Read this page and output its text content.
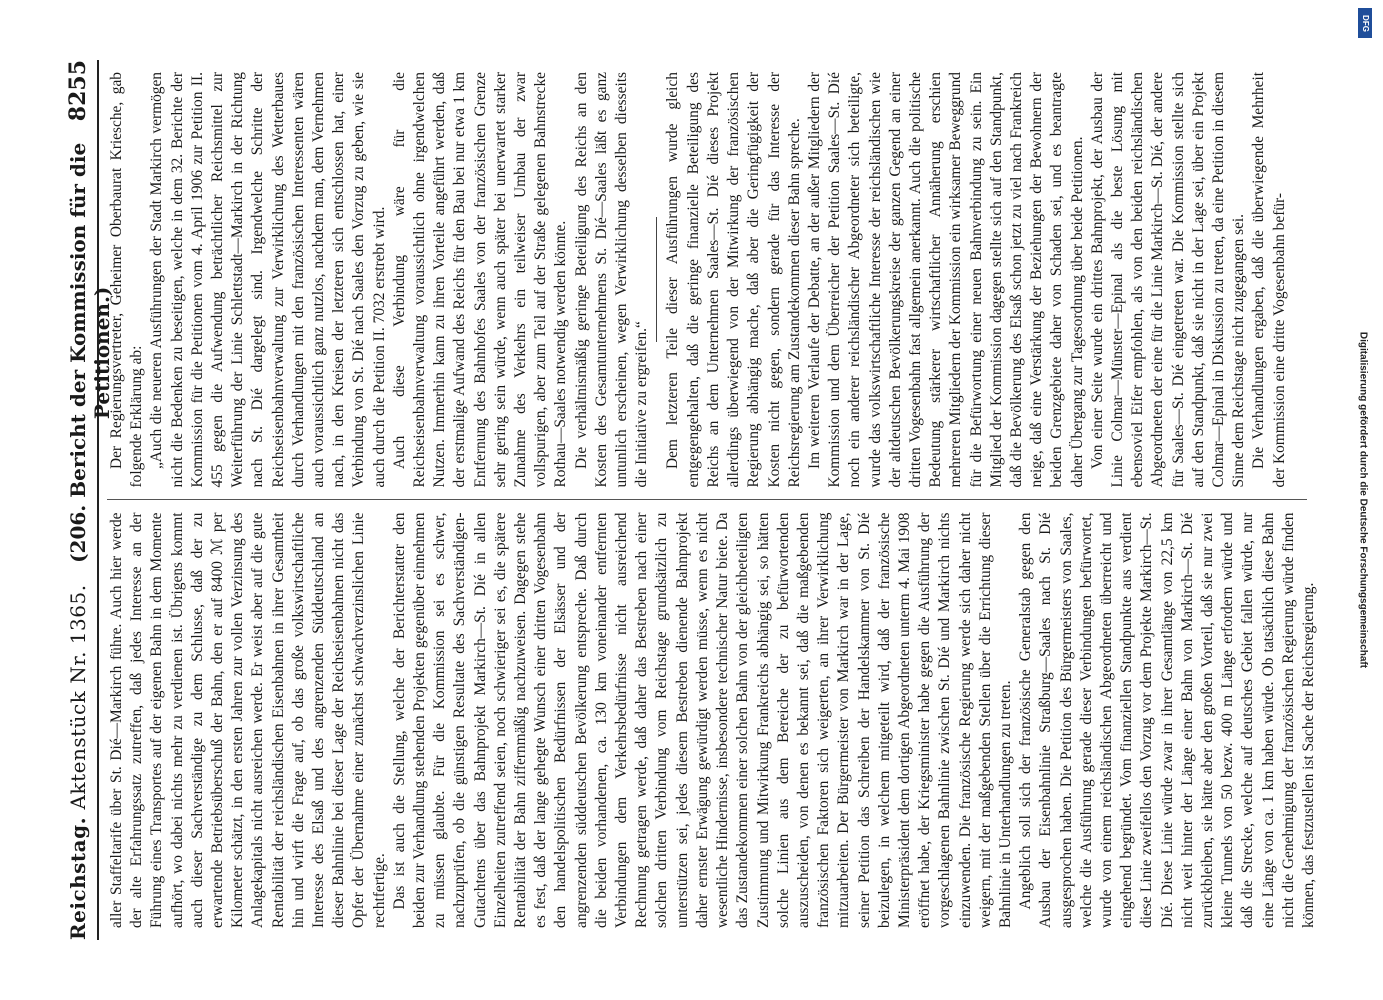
Reichstag. Aktenstück Nr. 1365.
(206. Bericht der Kommission für die Petitionen.)
8255

aller Staffeltarife über St. Dié—Markirch führe. Auch hier werde der alte Erfahrungssatz zutreffen, daß jedes Interesse an der Führung eines Transportes auf der eigenen Bahn in dem Momente aufhört, wo dabei nichts mehr zu verdienen ist. Übrigens kommt auch dieser Sachverständige zu dem Schlusse, daß der zu erwartende Betriebsüberschuß der Bahn, den er auf 8400 ℳ per Kilometer schätzt, in den ersten Jahren zur vollen Verzinsung des Anlagekapitals nicht ausreichen werde. Er weist aber auf die gute Rentabilität der reichsländischen Eisenbahnen in ihrer Gesamtheit hin und wirft die Frage auf, ob das große volkswirtschaftliche Interesse des Elsaß und des angrenzenden Süddeutschland an dieser Bahnlinie bei dieser Lage der Reichseisenbahnen nicht das Opfer der Übernahme einer zunächst schwachverzinslichen Linie rechtfertige. Das ist auch die Stellung, welche der Berichterstatter den beiden zur Verhandlung stehenden Projekten gegenüber einnehmen zu müssen glaubte. Für die Kommission sei es schwer, nachzuprüfen, ob die günstigen Resultate des Sachverständigen-Gutachtens über das Bahnprojekt Markirch—St. Dié in allen Einzelheiten zutreffend seien, noch schwieriger sei es, die spätere Rentabilität der Bahn ziffernmäßig nachzuweisen. Dagegen stehe es fest, daß der lange gehegte Wunsch einer dritten Vogesenbahn den handelspolitischen Bedürfnissen der Elsässer und der angrenzenden süddeutschen Bevölkerung entspreche. Daß durch die beiden vorhandenen, ca. 130 km voneinander entfernten Verbindungen dem Verkehrsbedürfnisse nicht ausreichend Rechnung getragen werde, daß daher das Bestreben nach einer solchen dritten Verbindung vom Reichstage grundsätzlich zu unterstützen sei, jedes diesem Bestreben dienende Bahnprojekt daher ernster Erwägung gewürdigt werden müsse, wenn es nicht wesentliche Hindernisse, insbesondere technischer Natur biete. Da das Zustandekommen einer solchen Bahn von der gleichbeteiligten Zustimmung und Mitwirkung Frankreichs abhängig sei, so hätten solche Linien aus dem Bereiche der zu befürwortenden auszuscheiden, von denen es bekannt sei, daß die maßgebenden französischen Faktoren sich weigerten, an ihrer Verwirklichung mitzuarbeiten. Der Bürgermeister von Markirch war in der Lage, seiner Petition das Schreiben der Handelskammer von St. Dié beizulegen, in welchem mitgeteilt wird, daß der französische Ministerpräsident dem dortigen Abgeordneten unterm 4. Mai 1908 eröffnet habe, der Kriegsminister habe gegen die Ausführung der vorgeschlagenen Bahnlinie zwischen St. Dié und Markirch nichts einzuwenden. Die französische Regierung werde sich daher nicht weigern, mit der maßgebenden Stellen über die Errichtung dieser Bahnlinie in Unterhandlungen zu treten. Angeblich soll sich der französische Generalstab gegen den Ausbau der Eisenbahnlinie Straßburg—Saales nach St. Dié ausgesprochen haben. Die Petition des Bürgermeisters von Saales, welche die Ausführung gerade dieser Verbindungen befürwortet, wurde von einem reichsländischen Abgeordneten überreicht und eingehend begründet. Vom finanziellen Standpunkte aus verdient diese Linie zweifellos den Vorzug vor dem Projekte Markirch—St. Dié. Diese Linie würde zwar in ihrer Gesamtlänge von 22,5 km nicht weit hinter der Länge einer Bahn von Markirch—St. Dié zurückbleiben, sie hätte aber den großen Vorteil, daß sie nur zwei kleine Tunnels von 50 bezw. 400 m Länge erfordern würde und daß die Strecke, welche auf deutsches Gebiet fallen würde, nur eine Länge von ca. 1 km haben würde. Ob tatsächlich diese Bahn nicht die Genehmigung der französischen Regierung würde finden können, das festzustellen ist Sache der Reichsregierung.

Der Regierungsvertreter, Geheimer Oberbaurat Kriesche, gab folgende Erklärung ab: „Auch die neueren Ausführungen der Stadt Markirch vermögen nicht die Bedenken zu beseitigen, welche in dem 32. Berichte der Kommission für die Petitionen vom 4. April 1906 zur Petition II. 455 gegen die Aufwendung beträchtlicher Reichsmittel zur Weiterführung der Linie Schlettstadt—Markirch in der Richtung nach St. Dié dargelegt sind. Irgendwelche Schritte der Reichseisenbahnverwaltung zur Verwirklichung des Wetterbaues durch Verhandlungen mit den französischen Interessenten wären auch voraussichtlich ganz nutzlos, nachdem man, dem Vernehmen nach, in den Kreisen der letzteren sich entschlossen hat, einer Verbindung von St. Dié nach Saales den Vorzug zu geben, wie sie auch durch die Petition II. 7032 erstrebt wird. Auch diese Verbindung wäre für die Reichseisenbahnverwaltung voraussichtlich ohne irgendwelchen Nutzen. Immerhin kann zu ihren Vorteile angeführt werden, daß der erstmalige Aufwand des Reichs für den Bau bei nur etwa 1 km Entfernung des Bahnhofes Saales von der französischen Grenze sehr gering sein würde, wenn auch später bei unerwartet starker Zunahme des Verkehrs ein teilweiser Umbau der zwar vollspurigen, aber zum Teil auf der Straße gelegenen Bahnstrecke Rothau—Saales notwendig werden könnte. Die verhältnismäßig geringe Beteiligung des Reichs an den Kosten des Gesamtunternehmens St. Dié—Saales läßt es ganz untunlich erscheinen, wegen Verwirklichung desselben diesseits die Initiative zu ergreifen.“ Dem letzteren Teile dieser Ausführungen wurde gleich entgegengehalten, daß die geringe finanzielle Beteiligung des Reichs an dem Unternehmen Saales—St. Dié dieses Projekt allerdings überwiegend von der Mitwirkung der französischen Regierung abhängig mache, daß aber die Geringfügigkeit der Kosten nicht gegen, sondern gerade für das Interesse der Reichsregierung am Zustandekommen dieser Bahn spreche. Im weiteren Verlaufe der Debatte, an der außer Mitgliedern der Kommission und dem Überreicher der Petition Saales—St. Dié noch ein anderer reichsländischer Abgeordneter sich beteiligte, wurde das volkswirtschaftliche Interesse der reichsländischen wie der altdeutschen Bevölkerungskreise der ganzen Gegend an einer dritten Vogesenbahn fast allgemein anerkannt. Auch die politische Bedeutung stärkerer wirtschaftlicher Annäherung erschien mehreren Mitgliedern der Kommission ein wirksamer Beweggrund für die Befürwortung einer neuen Bahnverbindung zu sein. Ein Mitglied der Kommission dagegen stellte sich auf den Standpunkt, daß die Bevölkerung des Elsaß schon jetzt zu viel nach Frankreich neige, daß eine Verstärkung der Beziehungen der Bewohnern der beiden Grenzgebiete daher von Schaden sei, und es beantragte daher Übergang zur Tagesordnung über beide Petitionen. Von einer Seite wurde ein drittes Bahnprojekt, der Ausbau der Linie Colmar—Münster—Epinal als die beste Lösung mit ebensoviel Eifer empfohlen, als von den beiden reichsländischen Abgeordneten der eine für die Linie Markirch—St. Dié, der andere für Saales—St. Dié eingetreten war. Die Kommission stellte sich auf den Standpunkt, daß sie nicht in der Lage sei, über ein Projekt Colmar—Epinal in Diskussion zu treten, da eine Petition in diesem Sinne dem Reichstage nicht zugegangen sei. Die Verhandlungen ergaben, daß die überwiegende Mehrheit der Kommission eine dritte Vogesenbahn befür-

DFG
Digitalisierung gefördert durch die Deutsche Forschungsgemeinschaft
